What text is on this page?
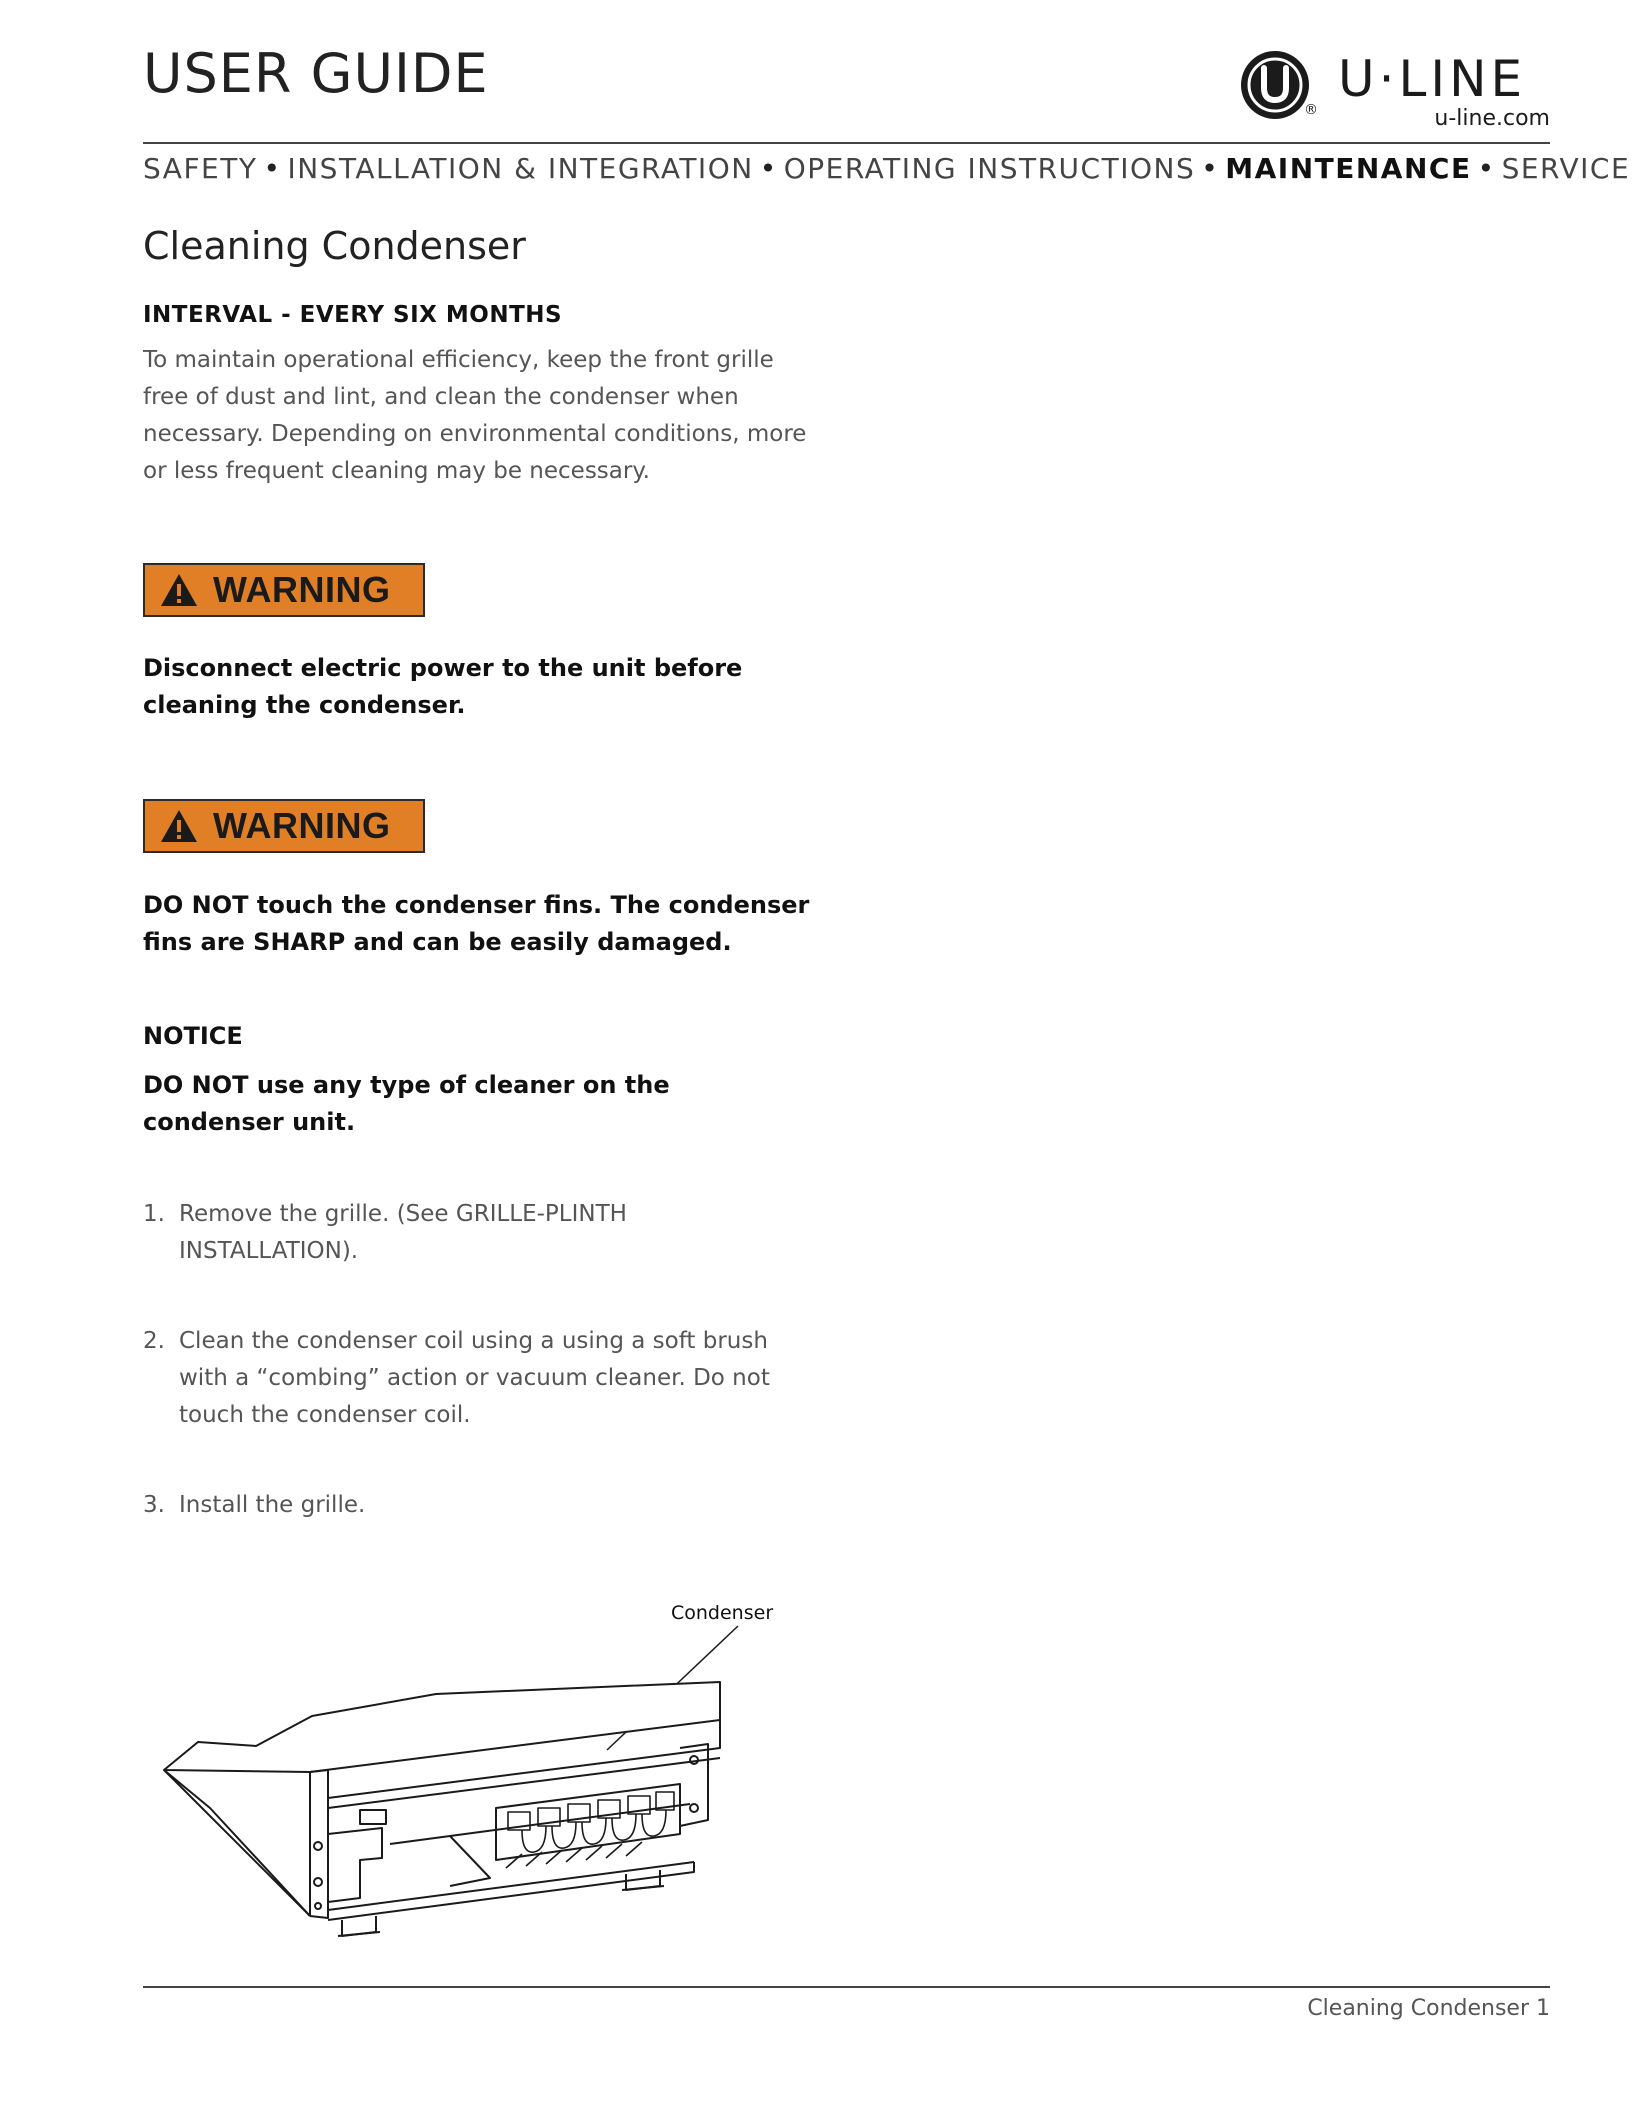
USER GUIDE
®
U·LINE
u-line.com
SAFETY • INSTALLATION & INTEGRATION • OPERATING INSTRUCTIONS • MAINTENANCE • SERVICE
Cleaning Condenser
INTERVAL - EVERY SIX MONTHS

To maintain operational efficiency, keep the front grille
free of dust and lint, and clean the condenser when
necessary. Depending on environmental conditions, more
or less frequent cleaning may be necessary.

WARNING

Disconnect electric power to the unit before
cleaning the condenser.

WARNING

DO NOT touch the condenser fins. The condenser
fins are SHARP and can be easily damaged.

NOTICE

DO NOT use any type of cleaner on the
condenser unit.

1. Remove the grille. (See GRILLE-PLINTH
INSTALLATION).
2. Clean the condenser coil using a using a soft brush
with a “combing” action or vacuum cleaner. Do not
touch the condenser coil.
3. Install the grille.
Condenser
Cleaning Condenser 1
